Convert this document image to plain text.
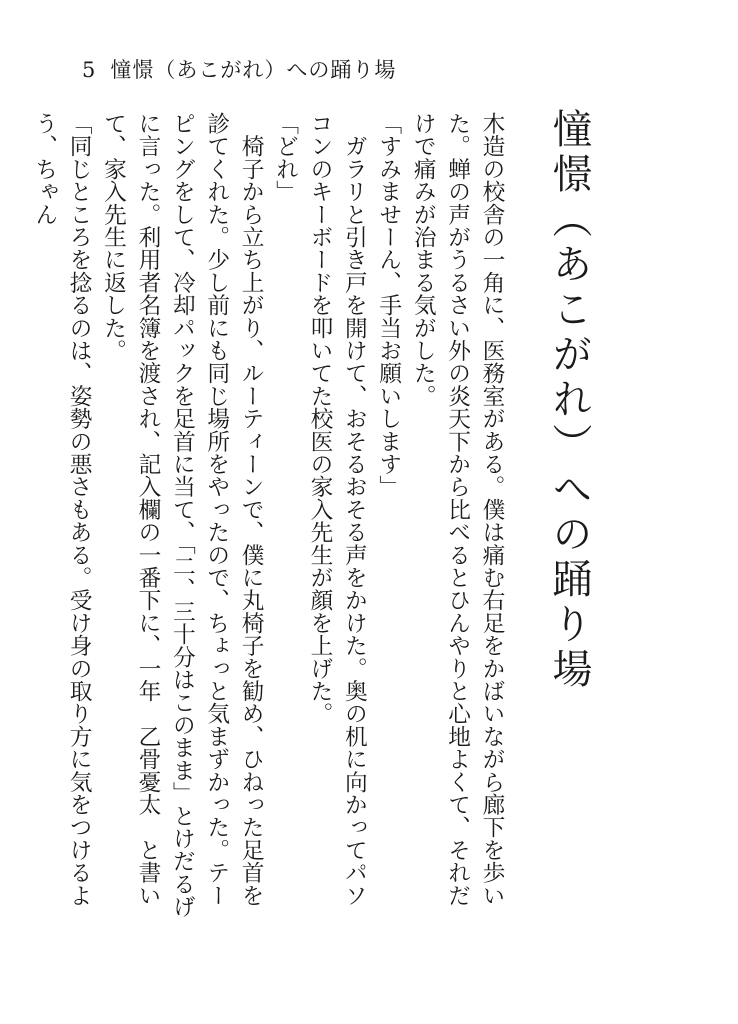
5 憧憬（あこがれ）への踊り場
憧憬（あこがれ）への踊り場

木造の校舎の一角に、医務室がある。僕は痛む右足をかばいながら廊下を歩いた。蝉の声がうるさい外の炎天下から比べるとひんやりと心地よくて、それだけで痛みが治まる気がした。

「すみませーん、手当お願いします」

　ガラリと引き戸を開けて、おそるおそる声をかけた。奥の机に向かってパソコンのキーボードを叩いてた校医の家入先生が顔を上げた。

「どれ」

　椅子から立ち上がり、ルーティーンで、僕に丸椅子を勧め、ひねった足首を診てくれた。少し前にも同じ場所をやったので、ちょっと気まずかった。テーピングをして、冷却パックを足首に当て、「二、三十分はこのまま」とけだるげに言った。利用者名簿を渡され、記入欄の一番下に、一年　乙骨憂太　と書いて、家入先生に返した。

「同じところを捻るのは、姿勢の悪さもある。受け身の取り方に気をつけるよう、ちゃん
